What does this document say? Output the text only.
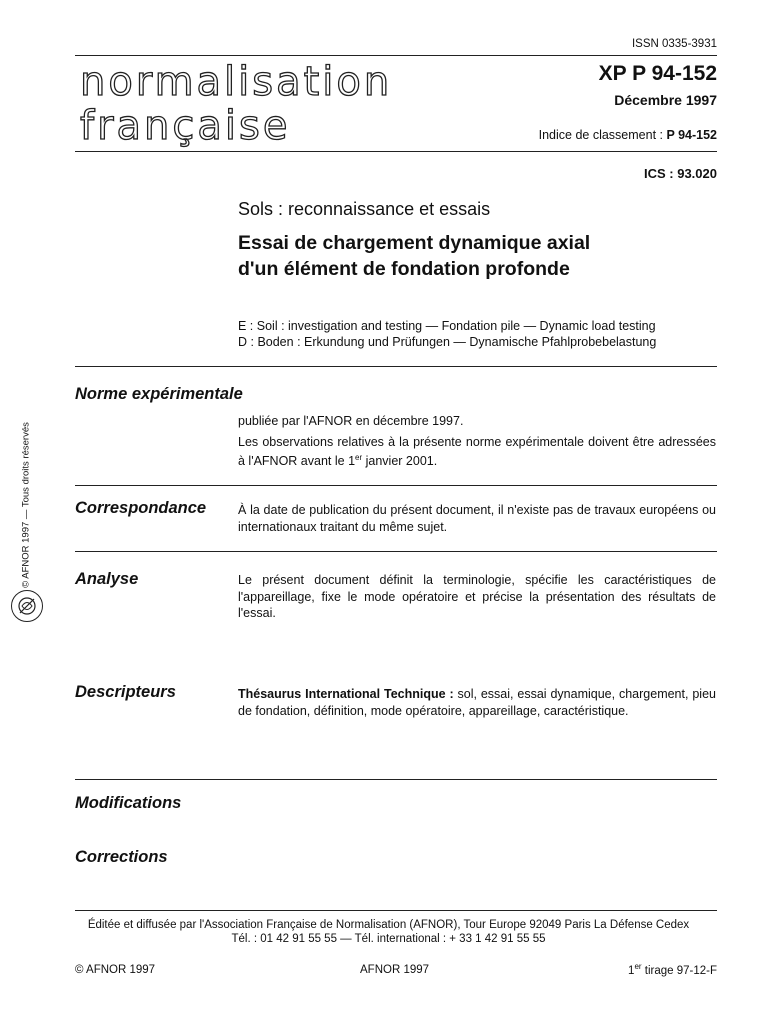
ISSN 0335-3931
normalisation
française
XP P 94-152
Décembre 1997
Indice de classement : P 94-152
ICS : 93.020
Sols : reconnaissance et essais
Essai de chargement dynamique axial
d'un élément de fondation profonde
E : Soil : investigation and testing — Fondation pile — Dynamic load testing
D : Boden : Erkundung und Prüfungen — Dynamische Pfahlprobebelastung
Norme expérimentale

publiée par l'AFNOR en décembre 1997.

Les observations relatives à la présente norme expérimentale doivent être adressées à l'AFNOR avant le 1er janvier 2001.

Correspondance	À la date de publication du présent document, il n'existe pas de travaux européens ou internationaux traitant du même sujet.
Analyse	Le présent document définit la terminologie, spécifie les caractéristiques de l'appareillage, fixe le mode opératoire et précise la présentation des résultats de l'essai.
Descripteurs	Thésaurus International Technique : sol, essai, essai dynamique, chargement, pieu de fondation, définition, mode opératoire, appareillage, caractéristique.
Modifications
Corrections
Éditée et diffusée par l'Association Française de Normalisation (AFNOR), Tour Europe 92049 Paris La Défense Cedex
Tél. : 01 42 91 55 55 — Tél. international : + 33 1 42 91 55 55
© AFNOR 1997	AFNOR 1997	1er tirage 97-12-F
© AFNOR 1997 — Tous droits réservés
